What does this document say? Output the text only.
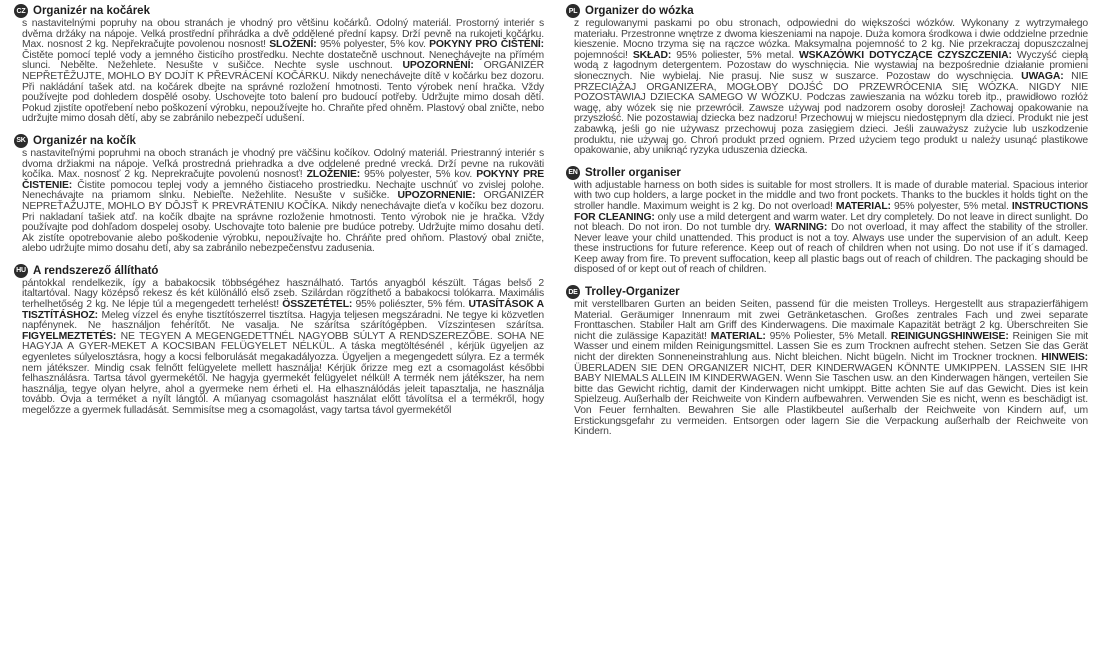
CZ Organizér na kočárek

s nastavitelnými popruhy na obou stranách je vhodný pro většinu kočárků. Odolný materiál. Prostorný interiér s dvěma držáky na nápoje. Velká prostřední přihrádka a dvě oddělené přední kapsy. Drží pevně na rukojeti kočárku. Max. nosnost 2 kg. Nepřekračujte povolenou nosnost! SLOŽENÍ: 95% polyester, 5% kov. POKYNY PRO ČIŠTĚNÍ: Čistěte pomocí teplé vody a jemného čisticího prostředku. Nechte dostatečně uschnout. Nenechávejte na přímém slunci. Nebělte. Nežehlete. Nesušte v sušičce. Nechte sysle uschnout. UPOZORNĚNÍ: ORGANIZÉR NEPŘETĚŽUJTE, MOHLO BY DOJÍT K PŘEVRÁCENÍ KOČÁRKU. Nikdy nenechávejte dítě v kočárku bez dozoru. Při nakládání tašek atd. na kočárek dbejte na správné rozložení hmotnosti. Tento výrobek není hračka. Vždy používejte pod dohledem dospělé osoby. Uschovejte toto balení pro budoucí potřeby. Udržujte mimo dosah dětí. Pokud zjistíte opotřebení nebo poškození výrobku, nepoužívejte ho. Chraňte před ohněm. Plastový obal zničte, nebo udržujte mimo dosah dětí, aby se zabránilo nebezpečí udušení.

SK Organizér na kočík

s nastaviteľnými popruhmi na oboch stranách je vhodný pre väčšinu kočíkov. Odolný materiál. Priestranný interiér s dvoma držiakmi na nápoje. Veľká prostredná priehradka a dve oddelené predné vrecká. Drží pevne na rukoväti kočíka. Max. nosnosť 2 kg. Neprekračujte povolenú nosnosť! ZLOŽENIE: 95% polyester, 5% kov. POKYNY PRE ČISTENIE: Čistite pomocou teplej vody a jemného čistiaceho prostriedku. Nechajte uschnúť vo zvislej polohe. Nenechávajte na priamom slnku. Nebieľte. Nežehlite. Nesušte v sušičke. UPOZORNENIE: ORGANIZÉR NEPREŤAŽUJTE, MOHLO BY DÔJSŤ K PREVRÁTENIU KOČÍKA. Nikdy nenechávajte dieťa v kočíku bez dozoru. Pri nakladaní tašiek atď. na kočík dbajte na správne rozloženie hmotnosti. Tento výrobok nie je hračka. Vždy používajte pod dohľadom dospelej osoby. Uschovajte toto balenie pre budúce potreby. Udržujte mimo dosahu detí. Ak zistíte opotrebovanie alebo poškodenie výrobku, nepoužívajte ho. Chráňte pred ohňom. Plastový obal zničte, alebo udržujte mimo dosahu detí, aby sa zabránilo nebezpečenstvu zadusenia.

HU A rendszerező állítható

pántokkal rendelkezik, így a babakocsik többségéhez használható. Tartós anyagból készült. Tágas belső 2 italtartóval. Nagy középső rekesz és két különálló első zseb. Szilárdan rögzíthető a babakocsi tolókarra. Maximális terhelhetőség 2 kg. Ne lépje túl a megengedett terhelést! ÖSSZETÉTEL: 95% poliészter, 5% fém. UTASÍTÁSOK A TISZTÍTÁSHOZ: Meleg vízzel és enyhe tisztítószerrel tisztítsa. Hagyja teljesen megszáradni. Ne tegye ki közvetlen napfénynek. Ne használjon fehérítőt. Ne vasalja. Ne szárítsa szárítógépben. Vízszintesen szárítsa. FIGYELMEZTETÉS: NE TEGYEN A MEGENGEDETTNÉL NAGYOBB SÚLYT A RENDSZEREZŐBE. SOHA NE HAGYJA A GYER-MEKET A KOCSIBAN FELÜGYELET NÉLKÜL. A táska megtöltésénél , kérjük ügyeljen az egyenletes súlyelosztásra, hogy a kocsi felborulását megakadályozza. Ügyeljen a megengedett súlyra. Ez a termék nem játékszer. Mindig csak felnőtt felügyelete mellett használja! Kérjük őrizze meg ezt a csomagolást későbbi felhasználásra. Tartsa távol gyermekétől. Ne hagyja gyermekét felügyelet nélkül! A termék nem játékszer, ha nem használja, tegye olyan helyre, ahol a gyermeke nem érheti el. Ha elhasználódás jeleit tapasztalja, ne használja tovább. Óvja a terméket a nyílt lángtól. A műanyag csomagolást használat előtt távolítsa el a termékről, hogy megelőzze a gyermek fulladását. Semmisítse meg a csomagolást, vagy tartsa távol gyermekétől

PL Organizer do wózka

z regulowanymi paskami po obu stronach, odpowiedni do większości wózków. Wykonany z wytrzymałego materiału. Przestronne wnętrze z dwoma kieszeniami na napoje. Duża komora środkowa i dwie oddzielne przednie kieszenie. Mocno trzyma się na rączce wózka. Maksymalna pojemność to 2 kg. Nie przekraczaj dopuszczalnej pojemności! SKŁAD: 95% poliester, 5% metal. WSKAZÓWKI DOTYCZĄCE CZYSZCZENIA: Wyczyść ciepłą wodą z łagodnym detergentem. Pozostaw do wyschnięcia. Nie wystawiaj na bezpośrednie działanie promieni słonecznych. Nie wybielaj. Nie prasuj. Nie susz w suszarce. Pozostaw do wyschnięcia. UWAGA: NIE PRZECIĄŻAJ ORGANIZERA, MOGŁOBY DOJŚĆ DO PRZEWRÓCENIA SIĘ WÓZKA. NIGDY NIE POZOSTAWIAJ DZIECKA SAMEGO W WÓZKU. Podczas zawieszania na wózku toreb itp., prawidłowo rozłóż wagę, aby wózek się nie przewrócił. Zawsze używaj pod nadzorem osoby dorosłej! Zachowaj opakowanie na przyszłość. Nie pozostawiaj dziecka bez nadzoru! Przechowuj w miejscu niedostępnym dla dzieci. Produkt nie jest zabawką, jeśli go nie używasz przechowuj poza zasięgiem dzieci. Jeśli zauważysz zużycie lub uszkodzenie produktu, nie używaj go. Chroń produkt przed ogniem. Przed użyciem tego produkt u należy usunąć plastikowe opakowanie, aby uniknąć ryzyka uduszenia dziecka.

EN Stroller organiser

with adjustable harness on both sides is suitable for most strollers. It is made of durable material. Spacious interior with two cup holders, a large pocket in the middle and two front pockets. Thanks to the buckles it holds tight on the stroller handle. Maximum weight is 2 kg. Do not overload! MATERIAL: 95% polyester, 5% metal. INSTRUCTIONS FOR CLEANING: only use a mild detergent and warm water. Let dry completely. Do not leave in direct sunlight. Do not bleach. Do not iron. Do not tumble dry. WARNING: Do not overload, it may affect the stability of the stroller. Never leave your child unattended. This product is not a toy. Always use under the supervision of an adult. Keep these instructions for future reference. Keep out of reach of children when not using. Do not use if it´s damaged. Keep away from fire. To prevent suffocation, keep all plastic bags out of reach of children. The packaging should be disposed of or kept out of reach of children.

DE Trolley-Organizer

mit verstellbaren Gurten an beiden Seiten, passend für die meisten Trolleys. Hergestellt aus strapazierfähigem Material. Geräumiger Innenraum mit zwei Getränketaschen. Großes zentrales Fach und zwei separate Fronttaschen. Stabiler Halt am Griff des Kinderwagens. Die maximale Kapazität beträgt 2 kg. Überschreiten Sie nicht die zulässige Kapazität! MATERIAL: 95% Poliester, 5% Metall. REINIGUNGSHINWEISE: Reinigen Sie mit Wasser und einem milden Reinigungsmittel. Lassen Sie es zum Trocknen aufrecht stehen. Setzen Sie das Gerät nicht der direkten Sonneneinstrahlung aus. Nicht bleichen. Nicht bügeln. Nicht im Trockner trocknen. HINWEIS: ÜBERLADEN SIE DEN ORGANIZER NICHT, DER KINDERWAGEN KÖNNTE UMKIPPEN. LASSEN SIE IHR BABY NIEMALS ALLEIN IM KINDERWAGEN. Wenn Sie Taschen usw. an den Kinderwagen hängen, verteilen Sie bitte das Gewicht richtig, damit der Kinderwagen nicht umkippt. Bitte achten Sie auf das Gewicht. Dies ist kein Spielzeug. Außerhalb der Reichweite von Kindern aufbewahren. Verwenden Sie es nicht, wenn es beschädigt ist. Von Feuer fernhalten. Bewahren Sie alle Plastikbeutel außerhalb der Reichweite von Kindern auf, um Erstickungsgefahr zu vermeiden. Entsorgen oder lagern Sie die Verpackung außerhalb der Reichweite von Kindern.
